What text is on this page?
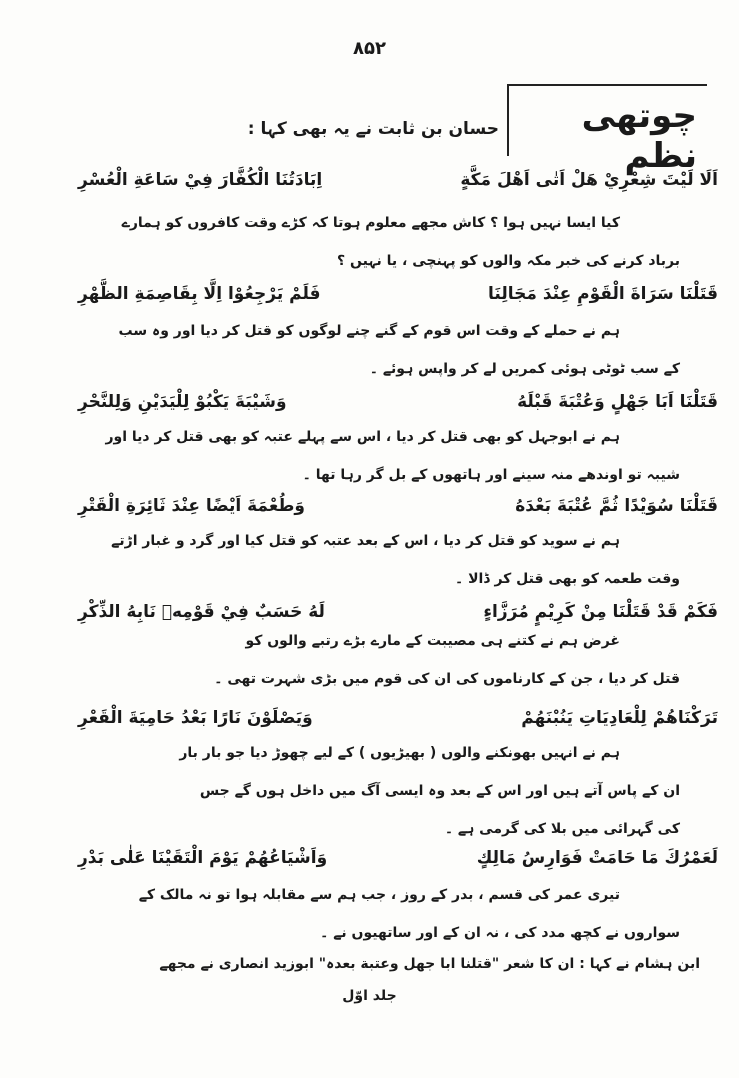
۸۵۲
چوتھی نظم
حسان بن ثابت نے یہ بھی کہا :
اَلَا لَيْتَ شِعْرِيْ هَلْ اَتٰى اَهْلَ مَكَّةٍ
اِبَادَتُنَا الْكُفَّارَ فِيْ سَاعَةِ الْعُسْرِ
کیا ایسا نہیں ہوا ؟ کاش مجھے معلوم ہوتا کہ کڑے وقت کافروں کو ہمارے
برباد کرنے کی خبر مکہ والوں کو پہنچی ، یا نہیں ؟
قَتَلْنَا سَرَاةَ الْقَوْمِ عِنْدَ مَجَالِنَا
فَلَمْ يَرْجِعُوْا اِلَّا بِقَاصِمَةِ الظَّهْرِ
ہم نے حملے کے وقت اس قوم کے گنے چنے لوگوں کو قتل کر دیا اور وہ سب
کے سب ٹوٹی ہوئی کمریں لے کر واپس ہوئے ۔
قَتَلْنَا اَبَا جَهْلٍ وَعُتْبَةَ قَبْلَهُ
وَشَيْبَةَ يَكْبُوْ لِلْيَدَيْنِ وَلِلنَّحْرِ
ہم نے ابوجہل کو بھی قتل کر دیا ، اس سے پہلے عتبہ کو بھی قتل کر دیا اور
شیبہ تو اوندھے منہ سینے اور ہاتھوں کے بل گر رہا تھا ۔
قَتَلْنَا سُوَيْدًا ثُمَّ عُتْبَةَ بَعْدَهُ
وَطُعْمَةَ اَيْضًا عِنْدَ ثَائِرَةِ الْقَتْرِ
ہم نے سوید کو قتل کر دیا ، اس کے بعد عتبہ کو قتل کیا اور گرد و غبار اڑتے
وقت طعمہ کو بھی قتل کر ڈالا ۔
فَكَمْ قَدْ قَتَلْنَا مِنْ كَرِيْمٍ مُرَزَّاءٍ
لَهُ حَسَبٌ فِيْ قَوْمِهٖ نَابِهُ الذِّكْرِ
غرض ہم نے کتنے ہی مصیبت کے مارے بڑے رتبے والوں کو
قتل کر دیا ، جن کے کارناموں کی ان کی قوم میں بڑی شہرت تھی ۔
تَرَكْنَاهُمْ لِلْعَادِيَاتِ يَنُبْنَهُمْ
وَيَصْلَوْنَ نَارًا بَعْدُ حَامِيَةَ الْقَعْرِ
ہم نے انہیں بھونکنے والوں ( بھیڑیوں ) کے لیے چھوڑ دیا جو بار بار
ان کے پاس آتے ہیں اور اس کے بعد وہ ایسی آگ میں داخل ہوں گے جس
کی گہرائی میں بلا کی گرمی ہے ۔
لَعَمْرُكَ مَا حَامَتْ فَوَارِسُ مَالِكٍ
وَاَشْيَاعُهُمْ يَوْمَ الْتَقَيْنَا عَلٰى بَدْرِ
تیری عمر کی قسم ، بدر کے روز ، جب ہم سے مقابلہ ہوا تو نہ مالک کے
سواروں نے کچھ مدد کی ، نہ ان کے اور ساتھیوں نے ۔
ابن ہشام نے کہا : ان کا شعر "قتلنا ابا جھل وعتبة بعدہ" ابوزید انصاری نے مجھے
جلد اوّل
